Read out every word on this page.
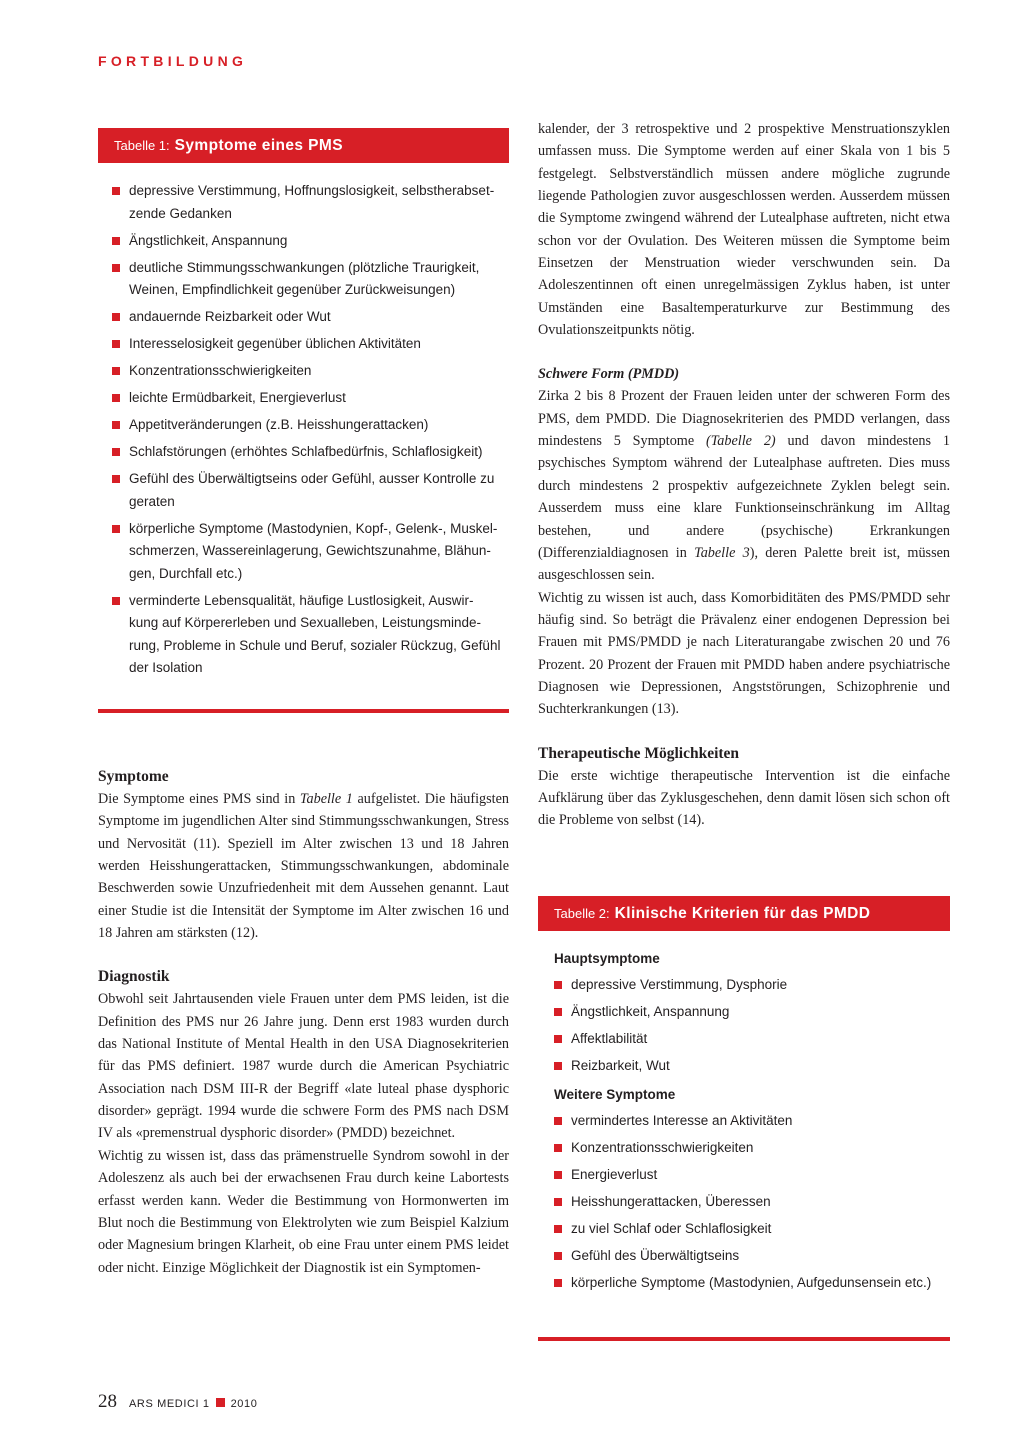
FORTBILDUNG
Tabelle 1: Symptome eines PMS
depressive Verstimmung, Hoffnungslosigkeit, selbstherabset-
zende Gedanken
Ängstlichkeit, Anspannung
deutliche Stimmungsschwankungen (plötzliche Traurigkeit,
Weinen, Empfindlichkeit gegenüber Zurückweisungen)
andauernde Reizbarkeit oder Wut
Interesselosigkeit gegenüber üblichen Aktivitäten
Konzentrationsschwierigkeiten
leichte Ermüdbarkeit, Energieverlust
Appetitveränderungen (z.B. Heisshungerattacken)
Schlafstörungen (erhöhtes Schlafbedürfnis, Schlaflosigkeit)
Gefühl des Überwältigtseins oder Gefühl, ausser Kontrolle zu
geraten
körperliche Symptome (Mastodynien, Kopf-, Gelenk-, Muskel-
schmerzen, Wassereinlagerung, Gewichtszunahme, Blähun-
gen, Durchfall etc.)
verminderte Lebensqualität, häufige Lustlosigkeit, Auswir-
kung auf Körpererleben und Sexualleben, Leistungsminde-
rung, Probleme in Schule und Beruf, sozialer Rückzug, Gefühl
der Isolation

Symptome

Die Symptome eines PMS sind in Tabelle 1 aufgelistet. Die häufigsten Symptome im jugendlichen Alter sind Stimmungsschwankungen, Stress und Nervosität (11). Speziell im Alter zwischen 13 und 18 Jahren werden Heisshungerattacken, Stimmungsschwankungen, abdominale Beschwerden sowie Unzufriedenheit mit dem Aussehen genannt. Laut einer Studie ist die Intensität der Symptome im Alter zwischen 16 und 18 Jahren am stärksten (12).

Diagnostik

Obwohl seit Jahrtausenden viele Frauen unter dem PMS leiden, ist die Definition des PMS nur 26 Jahre jung. Denn erst 1983 wurden durch das National Institute of Mental Health in den USA Diagnosekriterien für das PMS definiert. 1987 wurde durch die American Psychiatric Association nach DSM III-R der Begriff «late luteal phase dysphoric disorder» geprägt. 1994 wurde die schwere Form des PMS nach DSM IV als «premenstrual dysphoric disorder» (PMDD) bezeichnet.

Wichtig zu wissen ist, dass das prämenstruelle Syndrom sowohl in der Adoleszenz als auch bei der erwachsenen Frau durch keine Labortests erfasst werden kann. Weder die Bestimmung von Hormonwerten im Blut noch die Bestimmung von Elektrolyten wie zum Beispiel Kalzium oder Magnesium bringen Klarheit, ob eine Frau unter einem PMS leidet oder nicht. Einzige Möglichkeit der Diagnostik ist ein Symptomen-

kalender, der 3 retrospektive und 2 prospektive Menstruationszyklen umfassen muss. Die Symptome werden auf einer Skala von 1 bis 5 festgelegt. Selbstverständlich müssen andere mögliche zugrunde liegende Pathologien zuvor ausgeschlossen werden. Ausserdem müssen die Symptome zwingend während der Lutealphase auftreten, nicht etwa schon vor der Ovulation. Des Weiteren müssen die Symptome beim Einsetzen der Menstruation wieder verschwunden sein. Da Adoleszentinnen oft einen unregelmässigen Zyklus haben, ist unter Umständen eine Basaltemperaturkurve zur Bestimmung des Ovulationszeitpunkts nötig.

Schwere Form (PMDD)

Zirka 2 bis 8 Prozent der Frauen leiden unter der schweren Form des PMS, dem PMDD. Die Diagnosekriterien des PMDD verlangen, dass mindestens 5 Symptome (Tabelle 2) und davon mindestens 1 psychisches Symptom während der Lutealphase auftreten. Dies muss durch mindestens 2 prospektiv aufgezeichnete Zyklen belegt sein. Ausserdem muss eine klare Funktionseinschränkung im Alltag bestehen, und andere (psychische) Erkrankungen (Differenzialdiagnosen in Tabelle 3), deren Palette breit ist, müssen ausgeschlossen sein.

Wichtig zu wissen ist auch, dass Komorbiditäten des PMS/PMDD sehr häufig sind. So beträgt die Prävalenz einer endogenen Depression bei Frauen mit PMS/PMDD je nach Literaturangabe zwischen 20 und 76 Prozent. 20 Prozent der Frauen mit PMDD haben andere psychiatrische Diagnosen wie Depressionen, Angststörungen, Schizophrenie und Suchterkrankungen (13).

Therapeutische Möglichkeiten

Die erste wichtige therapeutische Intervention ist die einfache Aufklärung über das Zyklusgeschehen, denn damit lösen sich schon oft die Probleme von selbst (14).

Tabelle 2: Klinische Kriterien für das PMDD

Hauptsymptome

depressive Verstimmung, Dysphorie
Ängstlichkeit, Anspannung
Affektlabilität
Reizbarkeit, Wut

Weitere Symptome

vermindertes Interesse an Aktivitäten
Konzentrationsschwierigkeiten
Energieverlust
Heisshungerattacken, Überessen
zu viel Schlaf oder Schlaflosigkeit
Gefühl des Überwältigtseins
körperliche Symptome (Mastodynien, Aufgedunsensein etc.)
28 ARS MEDICI 1 2010
